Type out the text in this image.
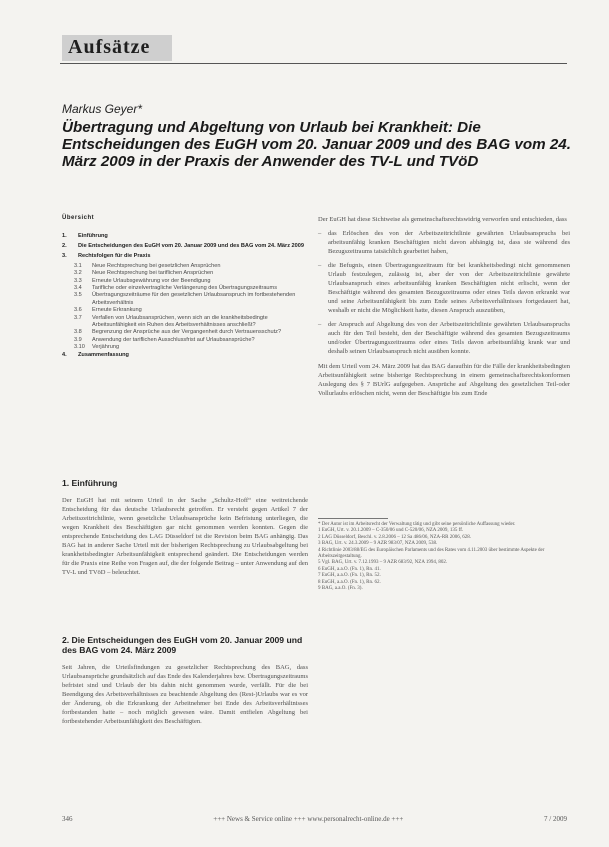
Aufsätze
Markus Geyer*
Übertragung und Abgeltung von Urlaub bei Krankheit: Die Entscheidungen des EuGH vom 20. Januar 2009 und des BAG vom 24. März 2009 in der Praxis der Anwender des TV-L und TVöD
Übersicht
1.	Einführung
2.	Die Entscheidungen des EuGH vom 20. Januar 2009 und des BAG vom 24. März 2009
3.	Rechtsfolgen für die Praxis
3.1	Neue Rechtsprechung bei gesetzlichen Ansprüchen
3.2	Neue Rechtsprechung bei tariflichen Ansprüchen
3.3	Erneute Urlaubsgewährung vor der Beendigung
3.4	Tarifliche oder einzelvertragliche Verlängerung des Übertragungszeitraums
3.5	Übertragungszeiträume für den gesetzlichen Urlaubsanspruch im fortbestehenden Arbeitsverhältnis
3.6	Erneute Erkrankung
3.7	Verfallen von Urlaubsansprüchen, wenn sich an die krankheitsbedingte Arbeitsunfähigkeit ein Ruhen des Arbeitsverhältnisses anschließt?
3.8	Begrenzung der Ansprüche aus der Vergangenheit durch Vertrauensschutz?
3.9	Anwendung der tariflichen Ausschlussfrist auf Urlaubsansprüche?
3.10	Verjährung
4.	Zusammenfassung
1. Einführung
Der EuGH hat mit seinem Urteil in der Sache „Schultz-Hoff“ eine weitreichende Entscheidung für das deutsche Urlaubsrecht getroffen. Er versteht gegen Artikel 7 der Arbeitszeitrichtlinie, wenn gesetzliche Urlaubsansprüche kein Befristung unterliegen, die wegen Krankheit des Beschäftigten gar nicht genommen werden konnten. Gegen die entsprechende Entscheidung des LAG Düsseldorf ist die Revision beim BAG anhängig. Das BAG hat in anderer Sache Urteil mit der bisherigen Rechtsprechung zu Urlaubsabgeltung bei krankheitsbedingter Arbeitsunfähigkeit entsprechend geändert. Die Entscheidungen werden für die Praxis eine Reihe von Fragen auf, die der folgende Beitrag – unter Anwendung auf den TV-L und TVöD – beleuchtet.
2. Die Entscheidungen des EuGH vom 20. Januar 2009 und des BAG vom 24. März 2009
Seit Jahren, die Urteilsfindungen zu gesetzlicher Rechtsprechung des BAG, dass Urlaubsansprüche grundsätzlich auf das Ende des Kalenderjahres bzw. Übertragungszeitraums befristet sind und Urlaub der bis dahin nicht genommen wurde, verfällt. Für die bei Beendigung des Arbeitsverhältnisses zu beachtende Abgeltung des (Rest-)Urlaubs war es vor der Änderung, ob die Erkrankung der Arbeitnehmer bei Ende des Arbeitsverhältnisses fortbestanden hatte – noch möglich gewesen wäre. Damit entfielen Abgeltung bei fortbestehender Arbeitsunfähigkeit des Beschäftigten.
Der EuGH hat diese Sichtweise als gemeinschaftsrechtswidrig verworfen und entschieden, dass
–	das Erlöschen des von der Arbeitszeitrichtlinie gewährten Urlaubsanspruchs bei arbeitsunfähig kranken Beschäftigten nicht davon abhängig ist, dass sie während des Bezugszeitraums tatsächlich gearbeitet haben,
–	die Befugnis, einen Übertragungszeitraum für bei krankheitsbedingt nicht genommenen Urlaub festzulegen, zulässig ist, aber der von der Arbeitszeitrichtlinie gewährte Urlaubsanspruch eines arbeitsunfähig kranken Beschäftigten nicht erlischt, wenn der Beschäftigte während des gesamten Bezugszeitraums oder eines Teils davon erkrankt war und seine Arbeitsunfähigkeit bis zum Ende seines Arbeitsverhältnisses fortgedauert hat, weshalb er nicht die Möglichkeit hatte, diesen Anspruch auszuüben,
–	der Anspruch auf Abgeltung des von der Arbeitszeitrichtlinie gewährten Urlaubsanspruchs auch für den Teil besteht, den der Beschäftigte während des gesamten Bezugszeitraums und/oder Übertragungszeitraums oder eines Teils davon arbeitsunfähig krank war und deshalb seinen Urlaubsanspruch nicht ausüben konnte.
Mit dem Urteil vom 24. März 2009 hat das BAG daraufhin für die Fälle der krankheitsbedingten Arbeitsunfähigkeit seine bisherige Rechtsprechung in einem gemeinschaftsrechtskonformen Auslegung des § 7 BUrlG aufgegeben. Ansprüche auf Abgeltung des gesetzlichen Teil-oder Vollurlaubs erlöschen nicht, wenn der Beschäftigte bis zum Ende
* Der Autor ist im Arbeitsrecht der Verwaltung tätig und gibt seine persönliche Auffassung wieder.
1 EuGH, Urt. v. 20.1.2009 – C-350/06 und C-520/06, NZA 2009, 135 ff.
2 LAG Düsseldorf, Beschl. v. 2.8.2006 – 12 Sa 486/06, NZA-RR 2006, 628.
3 BAG, Urt. v. 24.3.2009 – 9 AZR 983/07, NZA 2009, 538.
4 Richtlinie 2003/88/EG des Europäischen Parlaments und des Rates vom 4.11.2003 über bestimmte Aspekte der Arbeitszeitgestaltung.
5 Vgl. BAG, Urt. v. 7.12.1993 – 9 AZR 683/92, NZA 1994, 802.
6 EuGH, a.a.O. (Fn. 1), Rn. 41.
7 EuGH, a.a.O. (Fn. 1), Rn. 52.
8 EuGH, a.a.O. (Fn. 1), Rn. 62.
9 BAG, a.a.O. (Fn. 3).
346	+++ News & Service online +++ www.personalrecht-online.de +++	7 / 2009
